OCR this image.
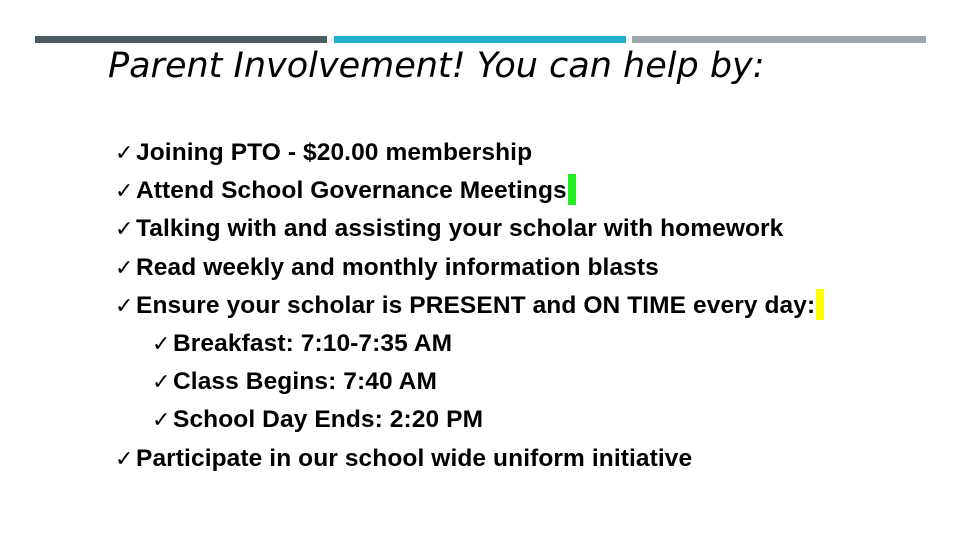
Parent Involvement! You can help by:
✓ Joining PTO - $20.00 membership
✓ Attend School Governance Meetings
✓ Talking with and assisting your scholar with homework
✓ Read weekly and monthly information blasts
✓ Ensure your scholar is PRESENT and ON TIME every day:
✓ Breakfast: 7:10-7:35 AM
✓ Class Begins: 7:40 AM
✓ School Day Ends: 2:20 PM
✓ Participate in our school wide uniform initiative
